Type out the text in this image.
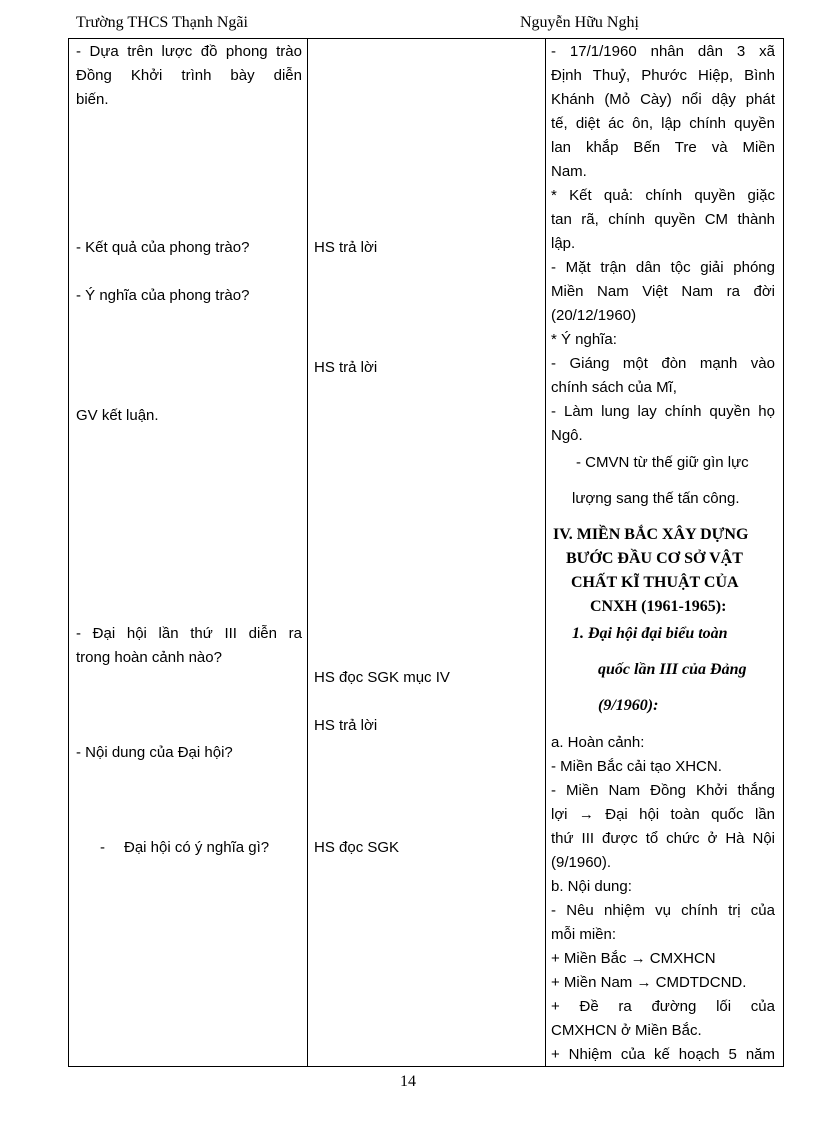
Trường THCS Thạnh Ngãi	Nguyễn Hữu Nghị
- Dựa trên lược đồ phong trào
Đồng Khởi trình bày diễn
biến.
- Kết quả của phong trào?
- Ý nghĩa của phong trào?
GV kết luận.
- Đại hội lần thứ III diễn ra
trong hoàn cảnh nào?
- Nội dung của Đại hội?
- Đại hội có ý nghĩa gì?
HS trả lời
HS trả lời
HS đọc SGK mục IV
HS trả lời
HS đọc SGK
- 17/1/1960 nhân dân 3 xã
Định Thuỷ, Phước Hiệp, Bình
Khánh (Mỏ Cày) nổi dậy phát
tế, diệt ác ôn, lập chính quyền
lan khắp Bến Tre và Miền
Nam.
* Kết quả: chính quyền giặc
tan rã, chính quyền CM thành
lập.
- Mặt trận dân tộc giải phóng
Miền Nam Việt Nam ra đời
(20/12/1960)
* Ý nghĩa:
- Giáng một đòn mạnh vào
chính sách của Mĩ,
- Làm lung lay chính quyền họ
Ngô.
- CMVN từ thế giữ gìn lực
lượng sang thế tấn công.
IV. MIỀN BẮC XÂY DỰNG
BƯỚC ĐẦU CƠ SỞ VẬT
CHẤT KĨ THUẬT CỦA
CNXH (1961-1965):
1. Đại hội đại biểu toàn
quốc lần III của Đảng
(9/1960):
a. Hoàn cảnh:
- Miền Bắc cải tạo XHCN.
- Miền Nam Đồng Khởi thắng
lợi → Đại hội toàn quốc lần
thứ III được tổ chức ở Hà Nội
(9/1960).
b. Nội dung:
- Nêu nhiệm vụ chính trị của
mỗi miền:
+ Miền Bắc → CMXHCN
+ Miền Nam → CMDTDCND.
+ Đề ra đường lối của
CMXHCN ở Miền Bắc.
+ Nhiệm của kế hoạch 5 năm
14
